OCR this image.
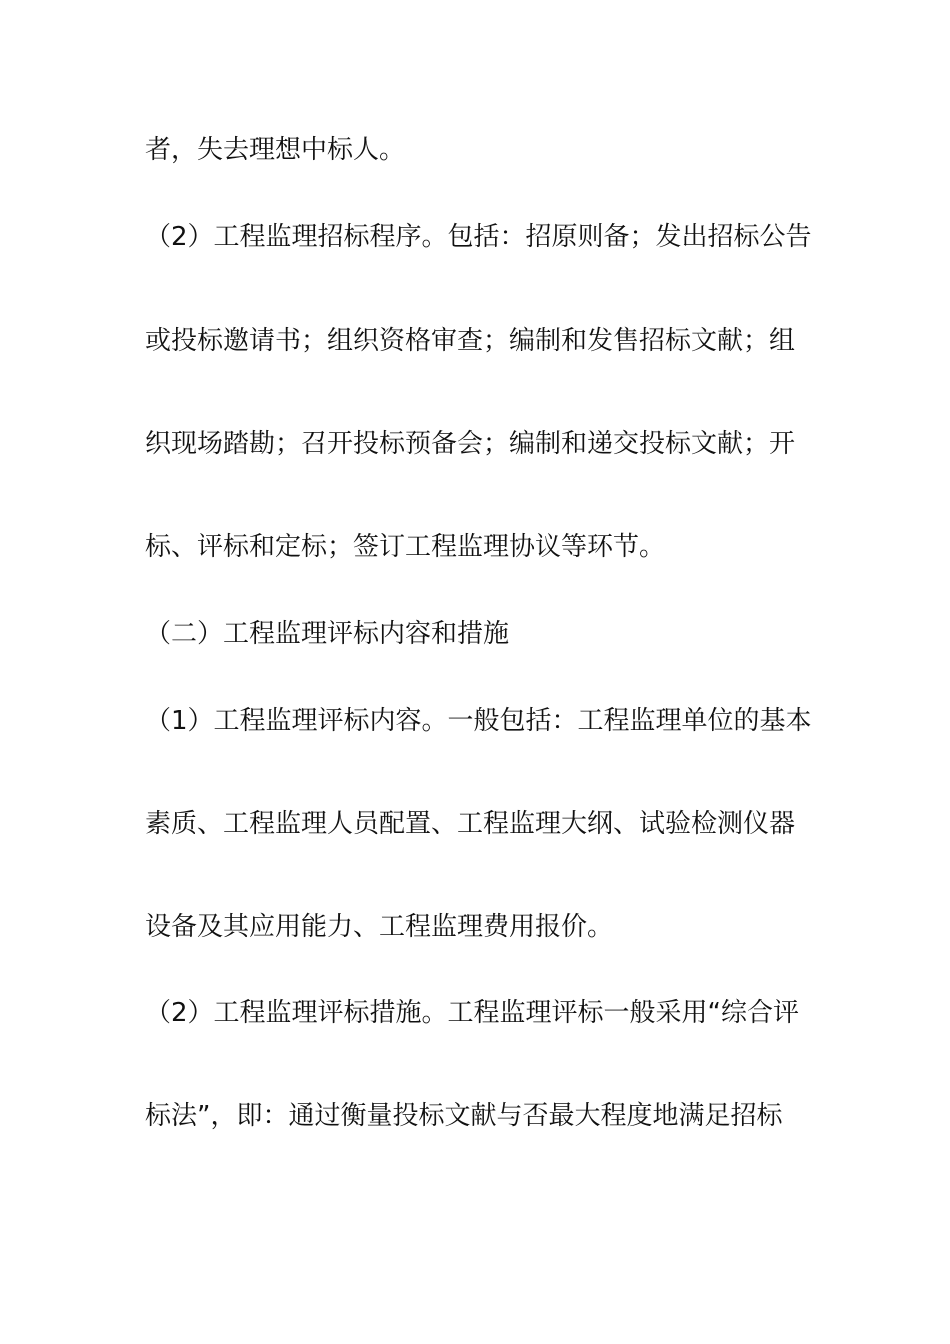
者，失去理想中标人。
（2）工程监理招标程序。包括：招原则备；发出招标公告
或投标邀请书；组织资格审查；编制和发售招标文献；组
织现场踏勘；召开投标预备会；编制和递交投标文献；开
标、评标和定标；签订工程监理协议等环节。
（二）工程监理评标内容和措施
（1）工程监理评标内容。一般包括：工程监理单位的基本
素质、工程监理人员配置、工程监理大纲、试验检测仪器
设备及其应用能力、工程监理费用报价。
（2）工程监理评标措施。工程监理评标一般采用“综合评
标法”，即：通过衡量投标文献与否最大程度地满足招标
